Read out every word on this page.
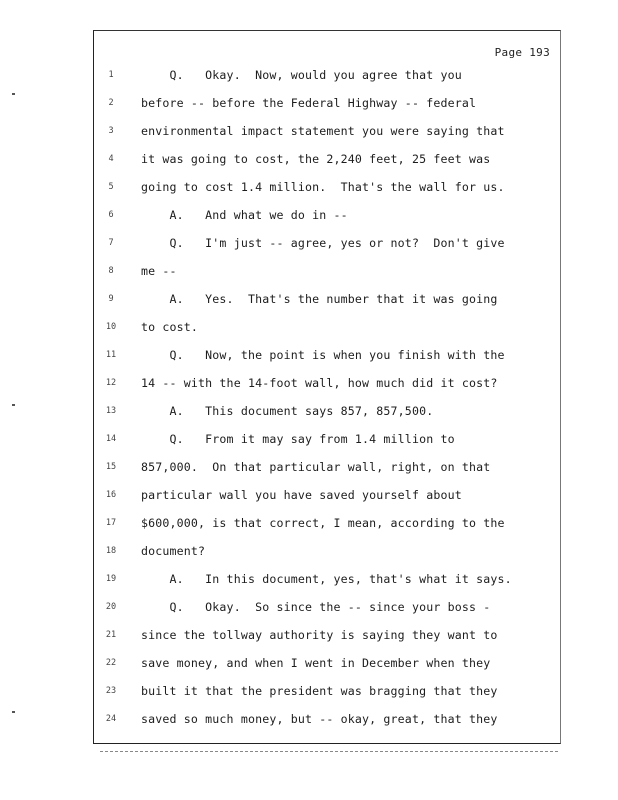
Page 193
1	Q.   Okay.  Now, would you agree that you
2	before -- before the Federal Highway -- federal
3	environmental impact statement you were saying that
4	it was going to cost, the 2,240 feet, 25 feet was
5	going to cost 1.4 million.  That's the wall for us.
6	A.   And what we do in --
7	Q.   I'm just -- agree, yes or not?  Don't give
8	me --
9	A.   Yes.  That's the number that it was going
10	to cost.
11	Q.   Now, the point is when you finish with the
12	14 -- with the 14-foot wall, how much did it cost?
13	A.   This document says 857, 857,500.
14	Q.   From it may say from 1.4 million to
15	857,000.  On that particular wall, right, on that
16	particular wall you have saved yourself about
17	$600,000, is that correct, I mean, according to the
18	document?
19	A.   In this document, yes, that's what it says.
20	Q.   Okay.  So since the -- since your boss -
21	since the tollway authority is saying they want to
22	save money, and when I went in December when they
23	built it that the president was bragging that they
24	saved so much money, but -- okay, great, that they
